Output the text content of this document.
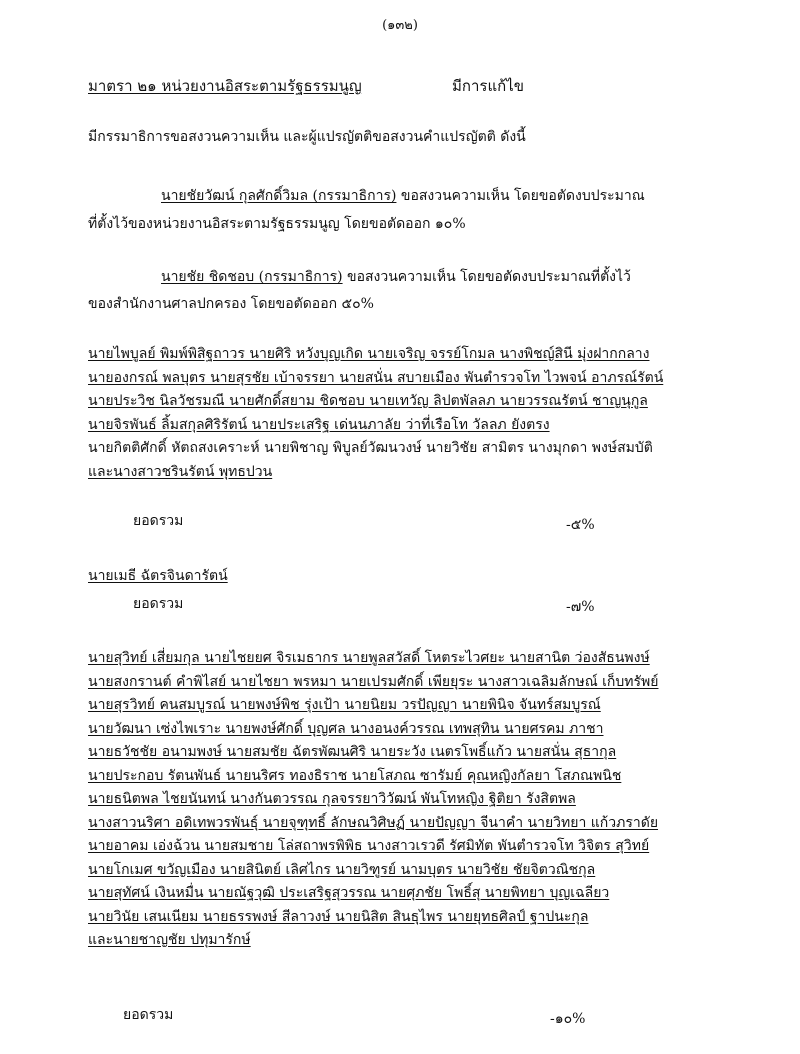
(๑๓๒)
มาตรา ๒๑ หน่วยงานอิสระตามรัฐธรรมนูญ	มีการแก้ไข
มีกรรมาธิการขอสงวนความเห็น และผู้แปรญัตติขอสงวนคำแปรญัตติ ดังนี้
นายชัยวัฒน์ กุลศักดิ์วิมล (กรรมาธิการ) ขอสงวนความเห็น โดยขอตัดงบประมาณ
ที่ตั้งไว้ของหน่วยงานอิสระตามรัฐธรรมนูญ โดยขอตัดออก ๑๐%
นายชัย ชิดชอบ (กรรมาธิการ) ขอสงวนความเห็น โดยขอตัดงบประมาณที่ตั้งไว้
ของสำนักงานศาลปกครอง โดยขอตัดออก ๕๐%
นายไพบูลย์ พิมพ์พิสิฐถาวร นายศิริ หวังบุญเกิด นายเจริญ จรรย์โกมล นางพิชญ์สินี มุ่งฝากกลาง
นายองกรณ์ พลบุตร นายสุรชัย เบ้าจรรยา นายสนั่น สบายเมือง พันตำรวจโท ไวพจน์ อาภรณ์รัตน์
นายประวิช นิลวัชรมณี นายศักดิ์สยาม ชิดชอบ นายเทวัญ ลิปตพัลลภ นายวรรณรัตน์ ชาญนุกูล
นายจิรพันธ์ ลิ้มสกุลศิริรัตน์ นายประเสริฐ เด่นนภาลัย ว่าที่เรือโท วัลลภ ยังตรง
นายกิตติศักดิ์ หัตถสงเคราะห์ นายพิชาญ พิบูลย์วัฒนวงษ์ นายวิชัย สามิตร นางมุกดา พงษ์สมบัติ
และนางสาวชรินรัตน์ พุทธปวน
ยอดรวม	-๕%
นายเมธี ฉัตรจินดารัตน์
ยอดรวม	-๗%
นายสุวิทย์ เสี่ยมกุล นายไชยยศ จิรเมธากร นายพูลสวัสดิ์ โหตระไวศยะ นายสานิต ว่องสัธนพงษ์
นายสงกรานต์ คำพิไสย์ นายไชยา พรหมา นายเปรมศักดิ์ เพียยุระ นางสาวเฉลิมลักษณ์ เก็บทรัพย์
นายสุรวิทย์ คนสมบูรณ์ นายพงษ์พิช รุ่งเป้า นายนิยม วรปัญญา นายพินิจ จันทร์สมบูรณ์
นายวัฒนา เซ่งไพเราะ นายพงษ์ศักดิ์ บุญศล นางอนงค์วรรณ เทพสุทิน นายศรคม ภาชา
นายธวัชชัย อนามพงษ์ นายสมชัย ฉัตรพัฒนศิริ นายระวัง เนตรโพธิ์แก้ว นายสนั่น สุธากุล
นายประกอบ รัตนพันธ์ นายนริศร ทองธิราช นายโสภณ ซารัมย์ คุณหญิงกัลยา โสภณพนิช
นายธนิตพล ไชยนันทน์ นางกันตวรรณ กุลจรรยาวิวัฒน์ พันโทหญิง ฐิติยา รังสิตพล
นางสาวนริศา อดิเทพวรพันธุ์ นายจุฑุทธิ์ ลักษณวิศิษฏ์ นายปัญญา จีนาคำ นายวิทยา แก้วภราดัย
นายอาคม เอ่งฉ้วน นายสมชาย โล่สถาพรพิพิธ นางสาวเรวดี รัศมิทัต พันตำรวจโท วิจิตร สุวิทย์
นายโกเมศ ขวัญเมือง นายสินิตย์ เลิศไกร นายวิฑูรย์ นามบุตร นายวิชัย ชัยจิตวณิชกุล
นายสุทัศน์ เงินหมื่น นายณัฐวุฒิ ประเสริฐสุวรรณ นายศุภชัย โพธิ์สุ นายพิทยา บุญเฉลียว
นายวินัย เสนเนียม นายธรรพงษ์ สีลาวงษ์ นายนิสิต สินธุไพร นายยุทธศิลป์ ฐาปนะกุล
และนายชาญชัย ปทุมารักษ์
ยอดรวม	-๑๐%
